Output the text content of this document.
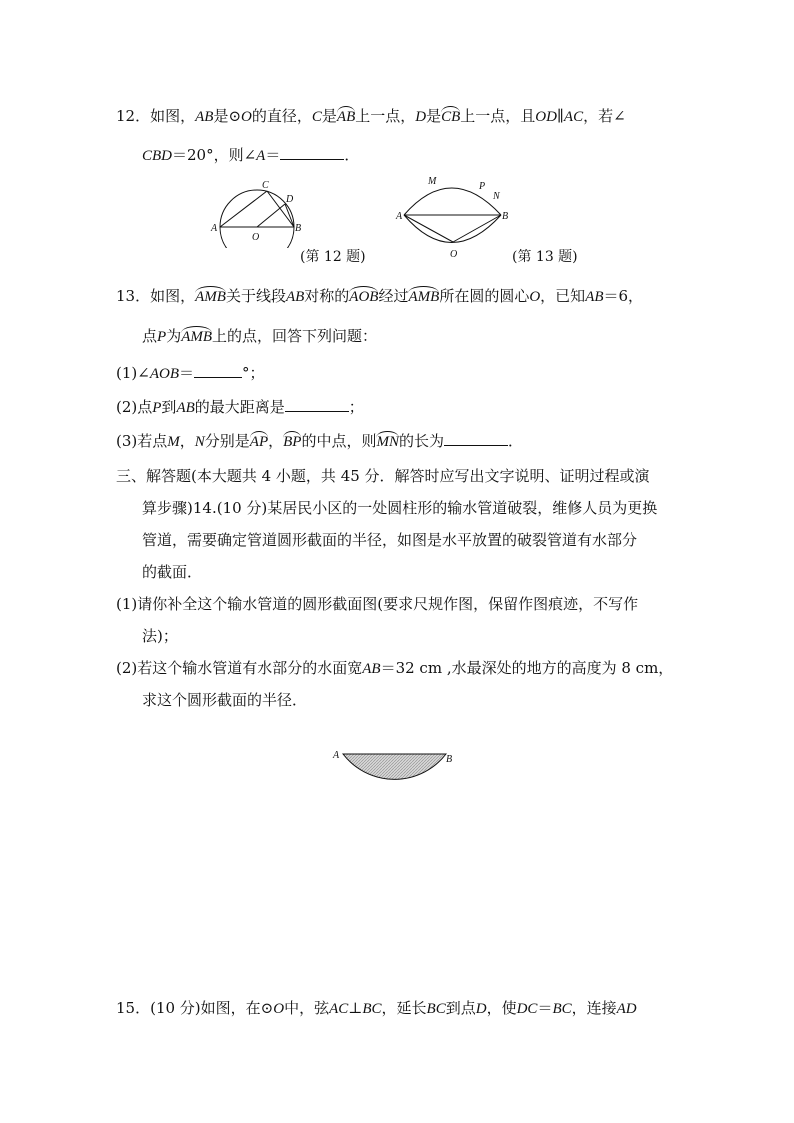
12．如图，AB是⊙O的直径，C是AB上一点，D是CB上一点，且OD∥AC，若∠
CBD＝20°，则∠A＝	．
A	B
C
D
O
(第 12 题)
A	B
M	P
N
O	(第 13 题)
13．如图，AMB关于线段AB对称的AOB经过AMB所在圆的圆心O，已知AB＝6，
点P为AMB上的点，回答下列问题：
(1)∠AOB＝	°；
(2)点P到AB的最大距离是	；
(3)若点M，N分别是AP，BP的中点，则MN的长为	．
三、解答题(本大题共 4 小题，共 45 分．解答时应写出文字说明、证明过程或演
算步骤)14.(10 分)某居民小区的一处圆柱形的输水管道破裂，维修人员为更换
管道，需要确定管道圆形截面的半径，如图是水平放置的破裂管道有水部分
的截面．
(1)请你补全这个输水管道的圆形截面图(要求尺规作图，保留作图痕迹，不写作
法)；
(2)若这个输水管道有水部分的水面宽AB＝32 cm ,水最深处的地方的高度为 8 cm，
求这个圆形截面的半径．
A	B
15．(10 分)如图，在⊙O中，弦AC⊥BC，延长BC到点D，使DC＝BC，连接AD
